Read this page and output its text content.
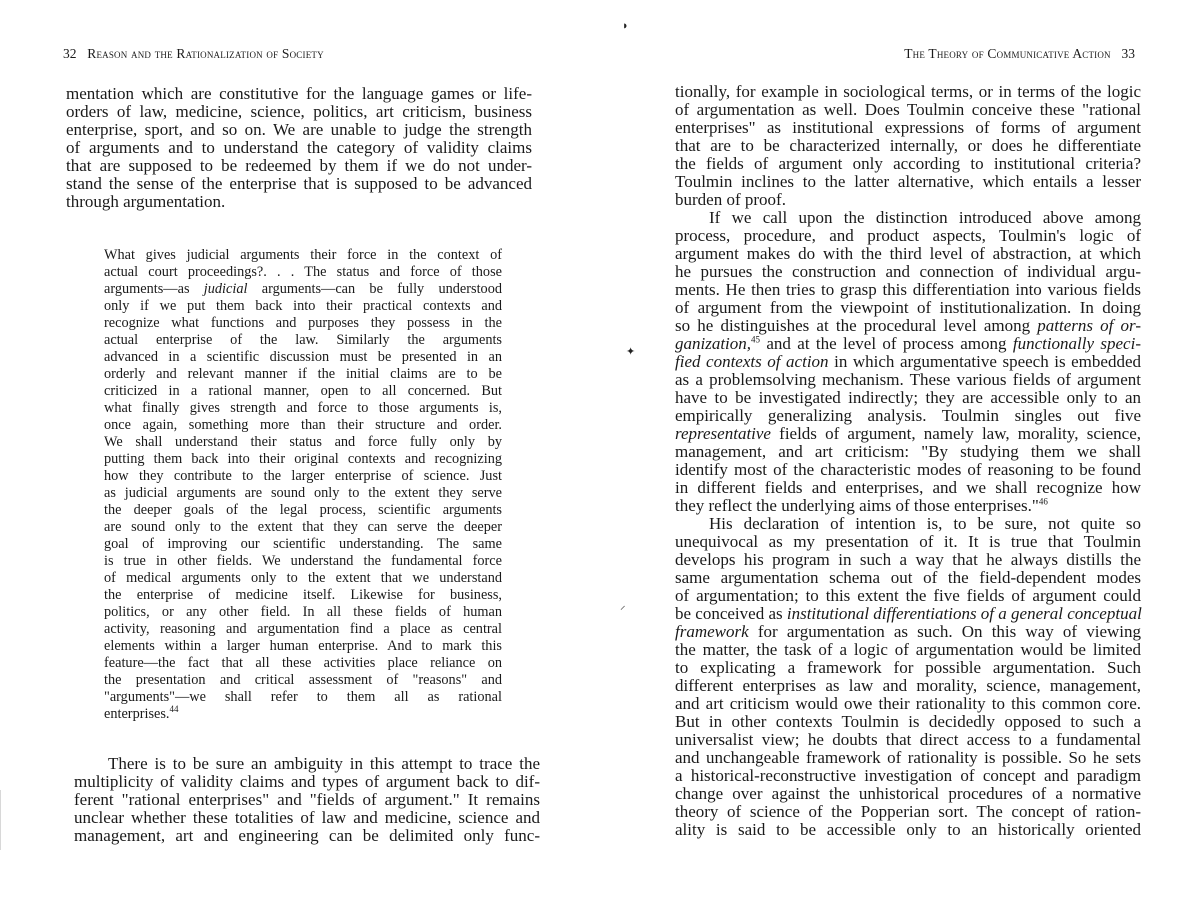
32 Reason and the Rationalization of Society	The Theory of Communicative Action 33
◗
✦
⸝
mentation which are constitutive for the language games or life-
orders of law, medicine, science, politics, art criticism, business
enterprise, sport, and so on. We are unable to judge the strength
of arguments and to understand the category of validity claims
that are supposed to be redeemed by them if we do not under-
stand the sense of the enterprise that is supposed to be advanced
through argumentation.
What gives judicial arguments their force in the context of
actual court proceedings?. . . The status and force of those
arguments—as judicial arguments—can be fully understood
only if we put them back into their practical contexts and
recognize what functions and purposes they possess in the
actual enterprise of the law. Similarly the arguments
advanced in a scientific discussion must be presented in an
orderly and relevant manner if the initial claims are to be
criticized in a rational manner, open to all concerned. But
what finally gives strength and force to those arguments is,
once again, something more than their structure and order.
We shall understand their status and force fully only by
putting them back into their original contexts and recognizing
how they contribute to the larger enterprise of science. Just
as judicial arguments are sound only to the extent they serve
the deeper goals of the legal process, scientific arguments
are sound only to the extent that they can serve the deeper
goal of improving our scientific understanding. The same
is true in other fields. We understand the fundamental force
of medical arguments only to the extent that we understand
the enterprise of medicine itself. Likewise for business,
politics, or any other field. In all these fields of human
activity, reasoning and argumentation find a place as central
elements within a larger human enterprise. And to mark this
feature—the fact that all these activities place reliance on
the presentation and critical assessment of "reasons" and
"arguments"—we shall refer to them all as rational
enterprises.$^{44}$
There is to be sure an ambiguity in this attempt to trace the
multiplicity of validity claims and types of argument back to dif-
ferent "rational enterprises" and "fields of argument." It remains
unclear whether these totalities of law and medicine, science and
management, art and engineering can be delimited only func-
tionally, for example in sociological terms, or in terms of the logic
of argumentation as well. Does Toulmin conceive these "rational
enterprises" as institutional expressions of forms of argument
that are to be characterized internally, or does he differentiate
the fields of argument only according to institutional criteria?
Toulmin inclines to the latter alternative, which entails a lesser
burden of proof.
If we call upon the distinction introduced above among
process, procedure, and product aspects, Toulmin's logic of
argument makes do with the third level of abstraction, at which
he pursues the construction and connection of individual argu-
ments. He then tries to grasp this differentiation into various fields
of argument from the viewpoint of institutionalization. In doing
so he distinguishes at the procedural level among patterns of or-
ganization,$^{45}$ and at the level of process among functionally speci-
fied contexts of action in which argumentative speech is embedded
as a problemsolving mechanism. These various fields of argument
have to be investigated indirectly; they are accessible only to an
empirically generalizing analysis. Toulmin singles out five
representative fields of argument, namely law, morality, science,
management, and art criticism: "By studying them we shall
identify most of the characteristic modes of reasoning to be found
in different fields and enterprises, and we shall recognize how
they reflect the underlying aims of those enterprises."$^{46}$
His declaration of intention is, to be sure, not quite so
unequivocal as my presentation of it. It is true that Toulmin
develops his program in such a way that he always distills the
same argumentation schema out of the field-dependent modes
of argumentation; to this extent the five fields of argument could
be conceived as institutional differentiations of a general conceptual
framework for argumentation as such. On this way of viewing
the matter, the task of a logic of argumentation would be limited
to explicating a framework for possible argumentation. Such
different enterprises as law and morality, science, management,
and art criticism would owe their rationality to this common core.
But in other contexts Toulmin is decidedly opposed to such a
universalist view; he doubts that direct access to a fundamental
and unchangeable framework of rationality is possible. So he sets
a historical-reconstructive investigation of concept and paradigm
change over against the unhistorical procedures of a normative
theory of science of the Popperian sort. The concept of ration-
ality is said to be accessible only to an historically oriented
